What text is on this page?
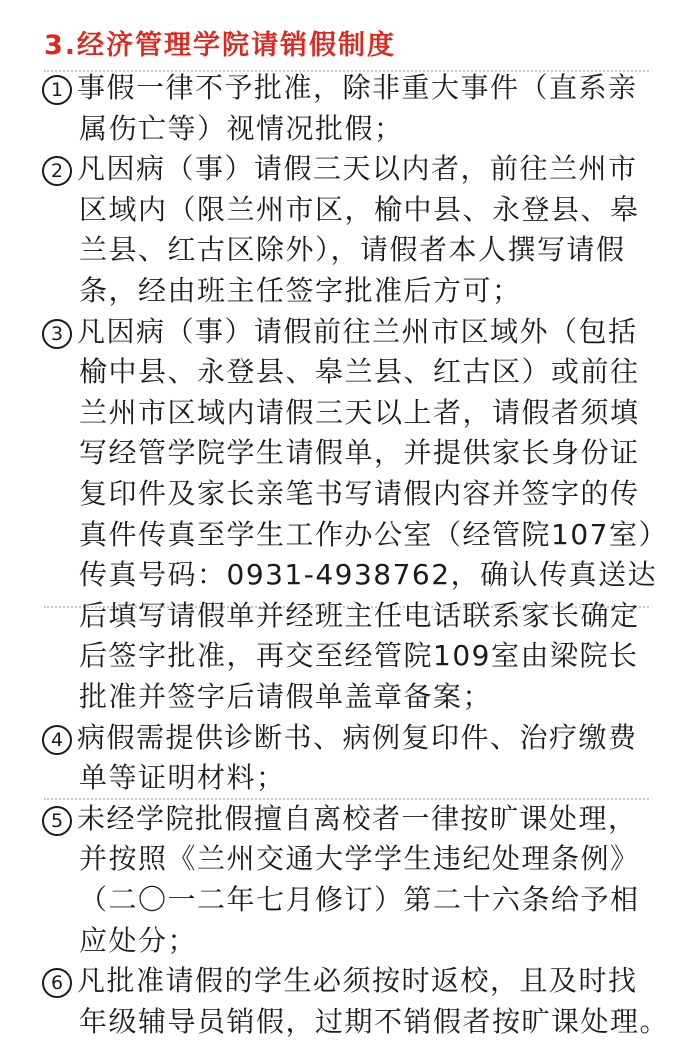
3.经济管理学院请销假制度
1 事假一律不予批准，除非重大事件（直系亲
属伤亡等）视情况批假；
2 凡因病（事）请假三天以内者，前往兰州市
区域内（限兰州市区，榆中县、永登县、皋
兰县、红古区除外），请假者本人撰写请假
条，经由班主任签字批准后方可；
3 凡因病（事）请假前往兰州市区域外（包括
榆中县、永登县、皋兰县、红古区）或前往
兰州市区域内请假三天以上者，请假者须填
写经管学院学生请假单，并提供家长身份证
复印件及家长亲笔书写请假内容并签字的传
真件传真至学生工作办公室（经管院107室）
传真号码：0931-4938762，确认传真送达
后填写请假单并经班主任电话联系家长确定
后签字批准，再交至经管院109室由梁院长
批准并签字后请假单盖章备案；
4 病假需提供诊断书、病例复印件、治疗缴费
单等证明材料；
5 未经学院批假擅自离校者一律按旷课处理，
并按照《兰州交通大学学生违纪处理条例》
（二〇一二年七月修订）第二十六条给予相
应处分；
6 凡批准请假的学生必须按时返校，且及时找
年级辅导员销假，过期不销假者按旷课处理。
